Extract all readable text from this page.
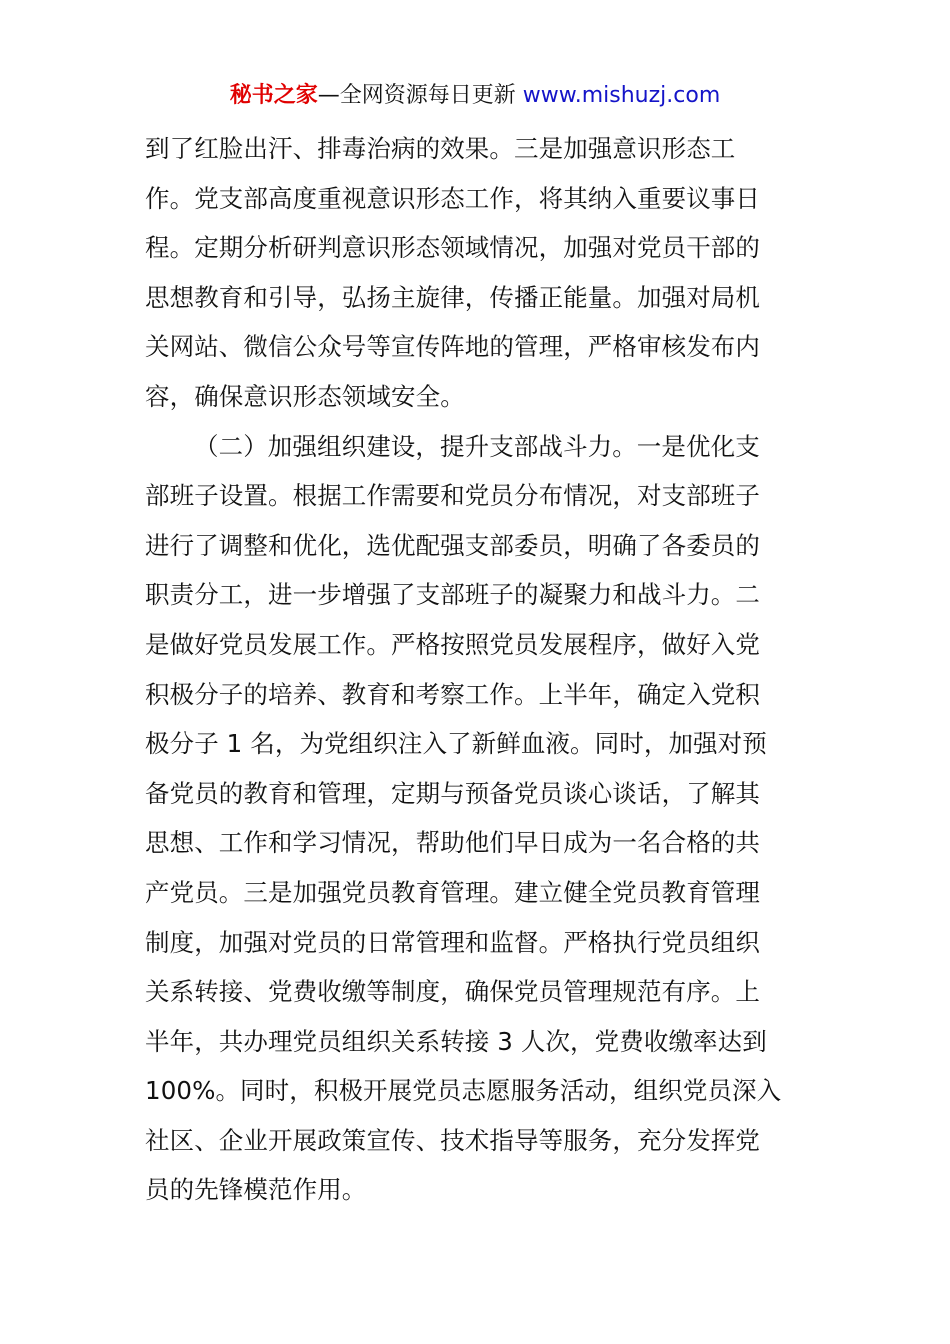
秘书之家—全网资源每日更新 www.mishuzj.com
到了红脸出汗、排毒治病的效果。三是加强意识形态工
作。党支部高度重视意识形态工作，将其纳入重要议事日
程。定期分析研判意识形态领域情况，加强对党员干部的
思想教育和引导，弘扬主旋律，传播正能量。加强对局机
关网站、微信公众号等宣传阵地的管理，严格审核发布内
容，确保意识形态领域安全。
（二）加强组织建设，提升支部战斗力。一是优化支
部班子设置。根据工作需要和党员分布情况，对支部班子
进行了调整和优化，选优配强支部委员，明确了各委员的
职责分工，进一步增强了支部班子的凝聚力和战斗力。二
是做好党员发展工作。严格按照党员发展程序，做好入党
积极分子的培养、教育和考察工作。上半年，确定入党积
极分子 1 名，为党组织注入了新鲜血液。同时，加强对预
备党员的教育和管理，定期与预备党员谈心谈话，了解其
思想、工作和学习情况，帮助他们早日成为一名合格的共
产党员。三是加强党员教育管理。建立健全党员教育管理
制度，加强对党员的日常管理和监督。严格执行党员组织
关系转接、党费收缴等制度，确保党员管理规范有序。上
半年，共办理党员组织关系转接 3 人次，党费收缴率达到
100%。同时，积极开展党员志愿服务活动，组织党员深入
社区、企业开展政策宣传、技术指导等服务，充分发挥党
员的先锋模范作用。
